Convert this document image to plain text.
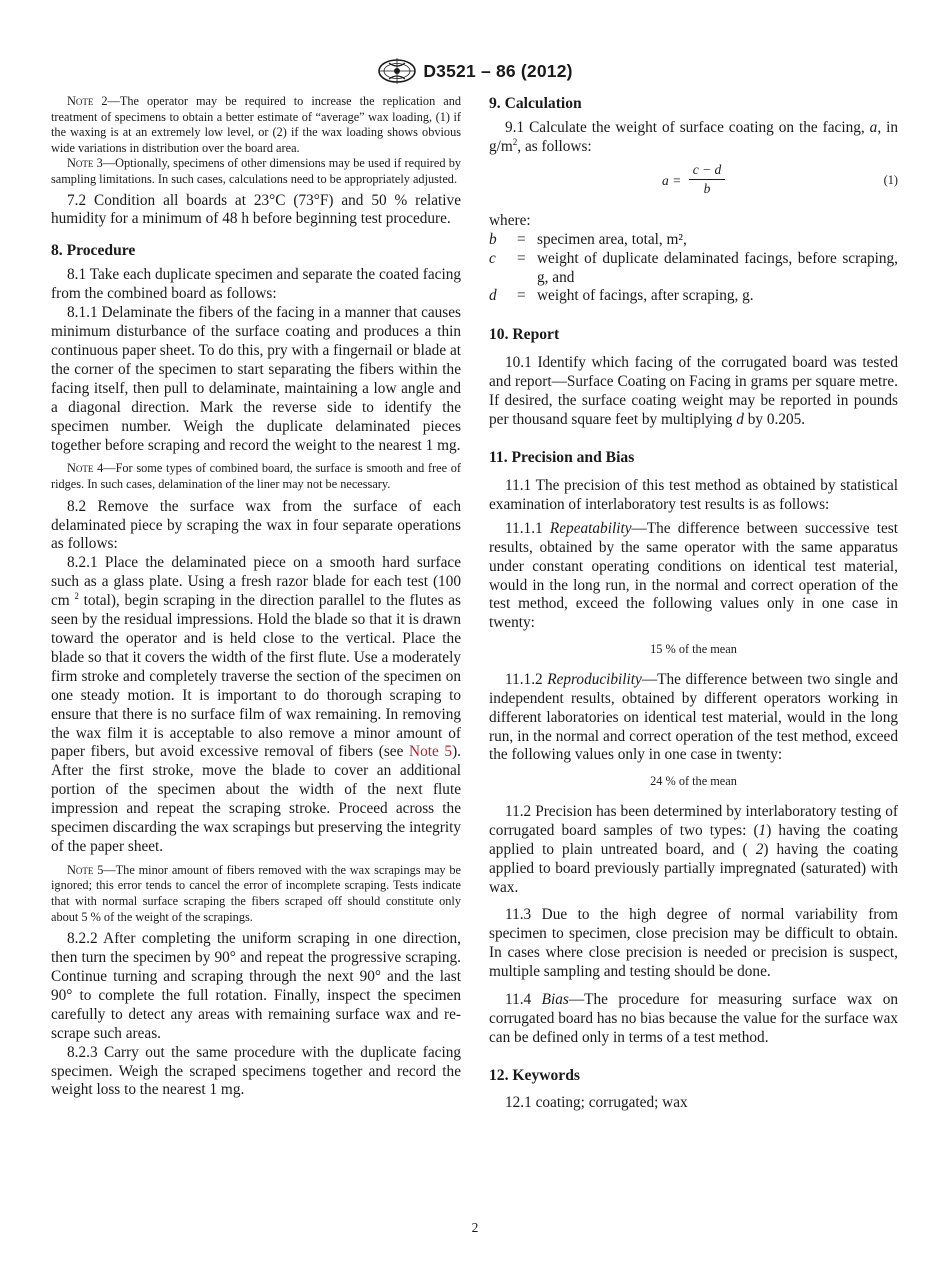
D3521 – 86 (2012)

Note 2—The operator may be required to increase the replication and treatment of specimens to obtain a better estimate of “average” wax loading, (1) if the waxing is at an extremely low level, or (2) if the wax loading shows obvious wide variations in distribution over the board area.

Note 3—Optionally, specimens of other dimensions may be used if required by sampling limitations. In such cases, calculations need to be appropriately adjusted.

7.2 Condition all boards at 23°C (73°F) and 50 % relative humidity for a minimum of 48 h before beginning test procedure.

8. Procedure

8.1 Take each duplicate specimen and separate the coated facing from the combined board as follows:

8.1.1 Delaminate the fibers of the facing in a manner that causes minimum disturbance of the surface coating and produces a thin continuous paper sheet. To do this, pry with a fingernail or blade at the corner of the specimen to start separating the fibers within the facing itself, then pull to delaminate, maintaining a low angle and a diagonal direction. Mark the reverse side to identify the specimen number. Weigh the duplicate delaminated pieces together before scraping and record the weight to the nearest 1 mg.

Note 4—For some types of combined board, the surface is smooth and free of ridges. In such cases, delamination of the liner may not be necessary.

8.2 Remove the surface wax from the surface of each delaminated piece by scraping the wax in four separate operations as follows:

8.2.1 Place the delaminated piece on a smooth hard surface such as a glass plate. Using a fresh razor blade for each test (100 cm $^2$ total), begin scraping in the direction parallel to the flutes as seen by the residual impressions. Hold the blade so that it is drawn toward the operator and is held close to the vertical. Place the blade so that it covers the width of the first flute. Use a moderately firm stroke and completely traverse the section of the specimen on one steady motion. It is important to do thorough scraping to ensure that there is no surface film of wax remaining. In removing the wax film it is acceptable to also remove a minor amount of paper fibers, but avoid excessive removal of fibers (see Note 5). After the first stroke, move the blade to cover an additional portion of the specimen about the width of the next flute impression and repeat the scraping stroke. Proceed across the specimen discarding the wax scrapings but preserving the integrity of the paper sheet.

Note 5—The minor amount of fibers removed with the wax scrapings may be ignored; this error tends to cancel the error of incomplete scraping. Tests indicate that with normal surface scraping the fibers scraped off should constitute only about 5 % of the weight of the scrapings.

8.2.2 After completing the uniform scraping in one direction, then turn the specimen by 90° and repeat the progressive scraping. Continue turning and scraping through the next 90° and the last 90° to complete the full rotation. Finally, inspect the specimen carefully to detect any areas with remaining surface wax and re-scrape such areas.

8.2.3 Carry out the same procedure with the duplicate facing specimen. Weigh the scraped specimens together and record the weight loss to the nearest 1 mg.

9. Calculation

9.1 Calculate the weight of surface coating on the facing, a, in $g/m^2$, as follows:

$a = \frac{c - d}{b}$	(1)

where:

b	= specimen area, total, m²,
c	= weight of duplicate delaminated facings, before scraping, g, and
d	= weight of facings, after scraping, g.

10. Report

10.1 Identify which facing of the corrugated board was tested and report—Surface Coating on Facing in grams per square metre. If desired, the surface coating weight may be reported in pounds per thousand square feet by multiplying d by 0.205.

11. Precision and Bias

11.1 The precision of this test method as obtained by statistical examination of interlaboratory test results is as follows:

11.1.1 Repeatability—The difference between successive test results, obtained by the same operator with the same apparatus under constant operating conditions on identical test material, would in the long run, in the normal and correct operation of the test method, exceed the following values only in one case in twenty:

15 % of the mean

11.1.2 Reproducibility—The difference between two single and independent results, obtained by different operators working in different laboratories on identical test material, would in the long run, in the normal and correct operation of the test method, exceed the following values only in one case in twenty:

24 % of the mean

11.2 Precision has been determined by interlaboratory testing of corrugated board samples of two types: (1) having the coating applied to plain untreated board, and ( 2) having the coating applied to board previously partially impregnated (saturated) with wax.

11.3 Due to the high degree of normal variability from specimen to specimen, close precision may be difficult to obtain. In cases where close precision is needed or precision is suspect, multiple sampling and testing should be done.

11.4 Bias—The procedure for measuring surface wax on corrugated board has no bias because the value for the surface wax can be defined only in terms of a test method.

12. Keywords

12.1 coating; corrugated; wax

2
